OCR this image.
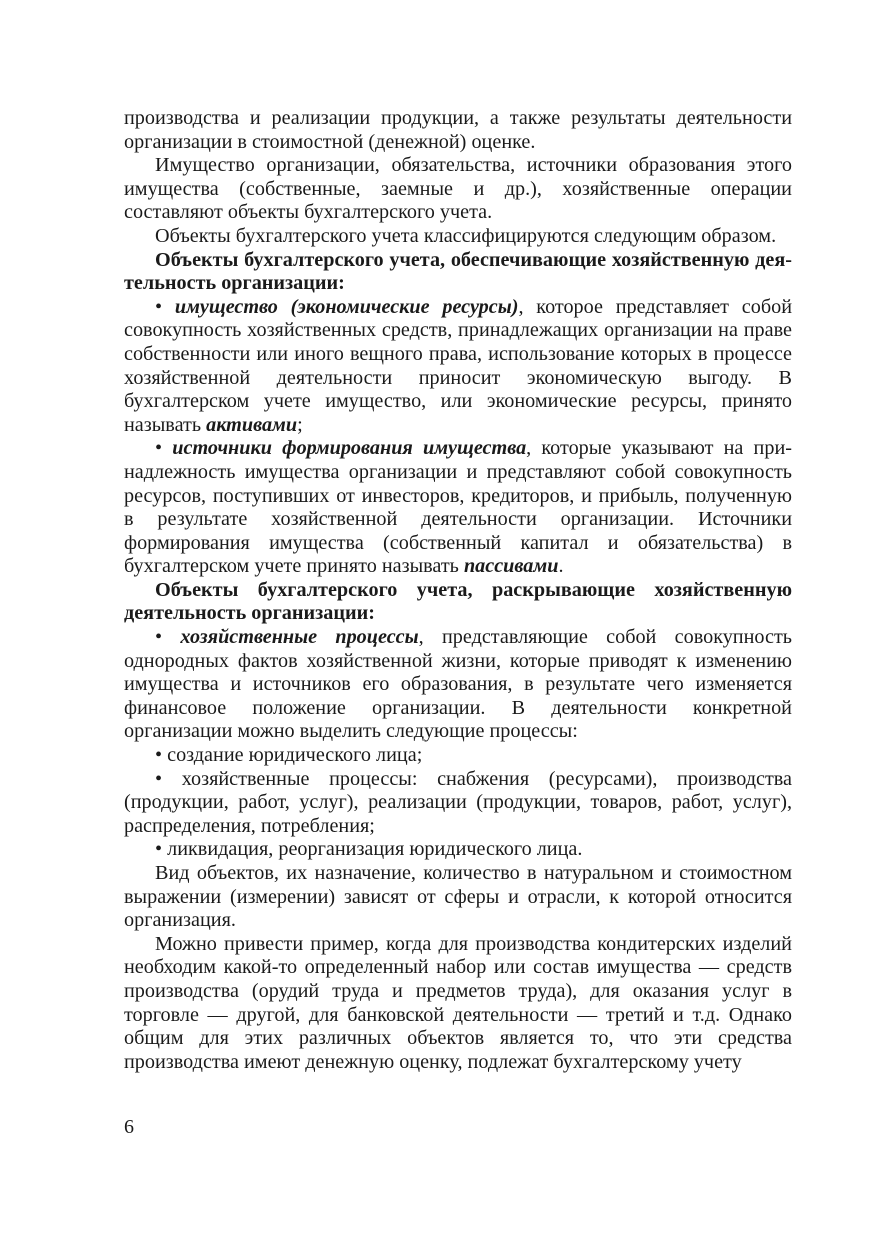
производства и реализации продукции, а также результаты деятельности организации в стоимостной (денежной) оценке.

Имущество организации, обязательства, источники образования этого имущества (собственные, заемные и др.), хозяйственные операции составляют объекты бухгалтерского учета.

Объекты бухгалтерского учета классифицируются следующим образом.

Объекты бухгалтерского учета, обеспечивающие хозяйственную деятельность организации:

• имущество (экономические ресурсы), которое представляет собой совокупность хозяйственных средств, принадлежащих организации на праве собственности или иного вещного права, использование которых в процессе хозяйственной деятельности приносит экономическую выгоду. В бухгалтерском учете имущество, или экономические ресурсы, принято называть активами;

• источники формирования имущества, которые указывают на принадлежность имущества организации и представляют собой совокупность ресурсов, поступивших от инвесторов, кредиторов, и прибыль, полученную в результате хозяйственной деятельности организации. Источники формирования имущества (собственный капитал и обязательства) в бухгалтерском учете принято называть пассивами.

Объекты бухгалтерского учета, раскрывающие хозяйственную деятельность организации:

• хозяйственные процессы, представляющие собой совокупность однородных фактов хозяйственной жизни, которые приводят к изменению имущества и источников его образования, в результате чего изменяется финансовое положение организации. В деятельности конкретной организации можно выделить следующие процессы:

• создание юридического лица;

• хозяйственные процессы: снабжения (ресурсами), производства (продукции, работ, услуг), реализации (продукции, товаров, работ, услуг), распределения, потребления;

• ликвидация, реорганизация юридического лица.

Вид объектов, их назначение, количество в натуральном и стоимостном выражении (измерении) зависят от сферы и отрасли, к которой относится организация.

Можно привести пример, когда для производства кондитерских изделий необходим какой-то определенный набор или состав имущества — средств производства (орудий труда и предметов труда), для оказания услуг в торговле — другой, для банковской деятельности — третий и т.д. Однако общим для этих различных объектов является то, что эти средства производства имеют денежную оценку, подлежат бухгалтерскому учету

6
